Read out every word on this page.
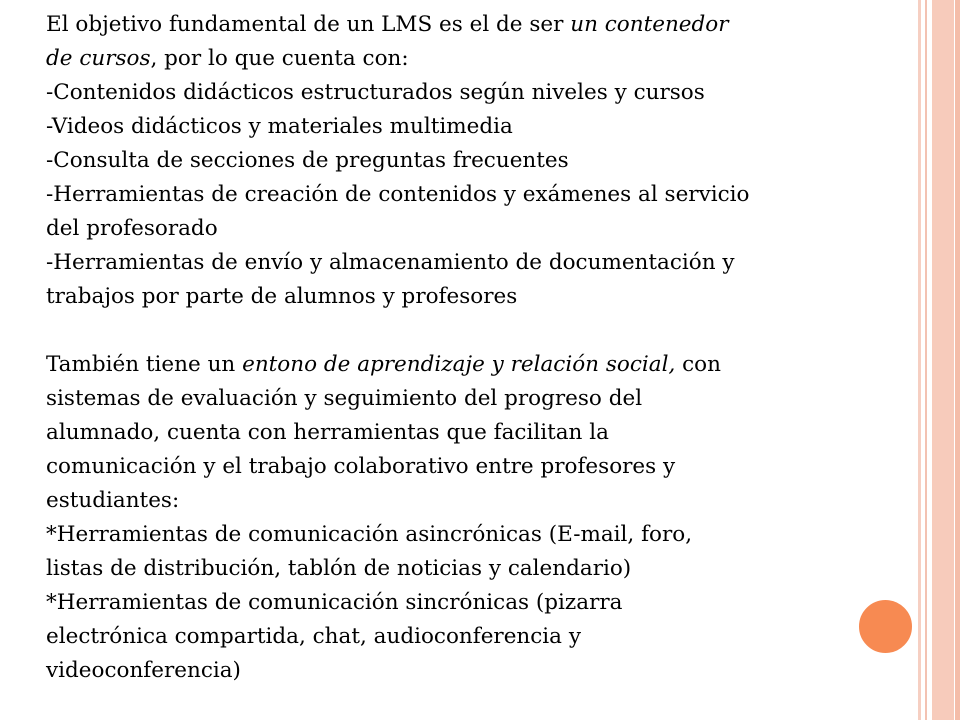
El objetivo fundamental de un LMS es el de ser un contenedor
de cursos, por lo que cuenta con:
-Contenidos didácticos estructurados según niveles y cursos
-Videos didácticos y materiales multimedia
-Consulta de secciones de preguntas frecuentes
-Herramientas de creación de contenidos y exámenes al servicio
del profesorado
-Herramientas de envío y almacenamiento de documentación y
trabajos por parte de alumnos y profesores
También tiene un entono de aprendizaje y relación social, con
sistemas de evaluación y seguimiento del progreso del
alumnado, cuenta con herramientas que facilitan la
comunicación y el trabajo colaborativo entre profesores y
estudiantes:
*Herramientas de comunicación asincrónicas (E-mail, foro,
listas de distribución, tablón de noticias y calendario)
*Herramientas de comunicación sincrónicas (pizarra
electrónica compartida, chat, audioconferencia y
videoconferencia)
